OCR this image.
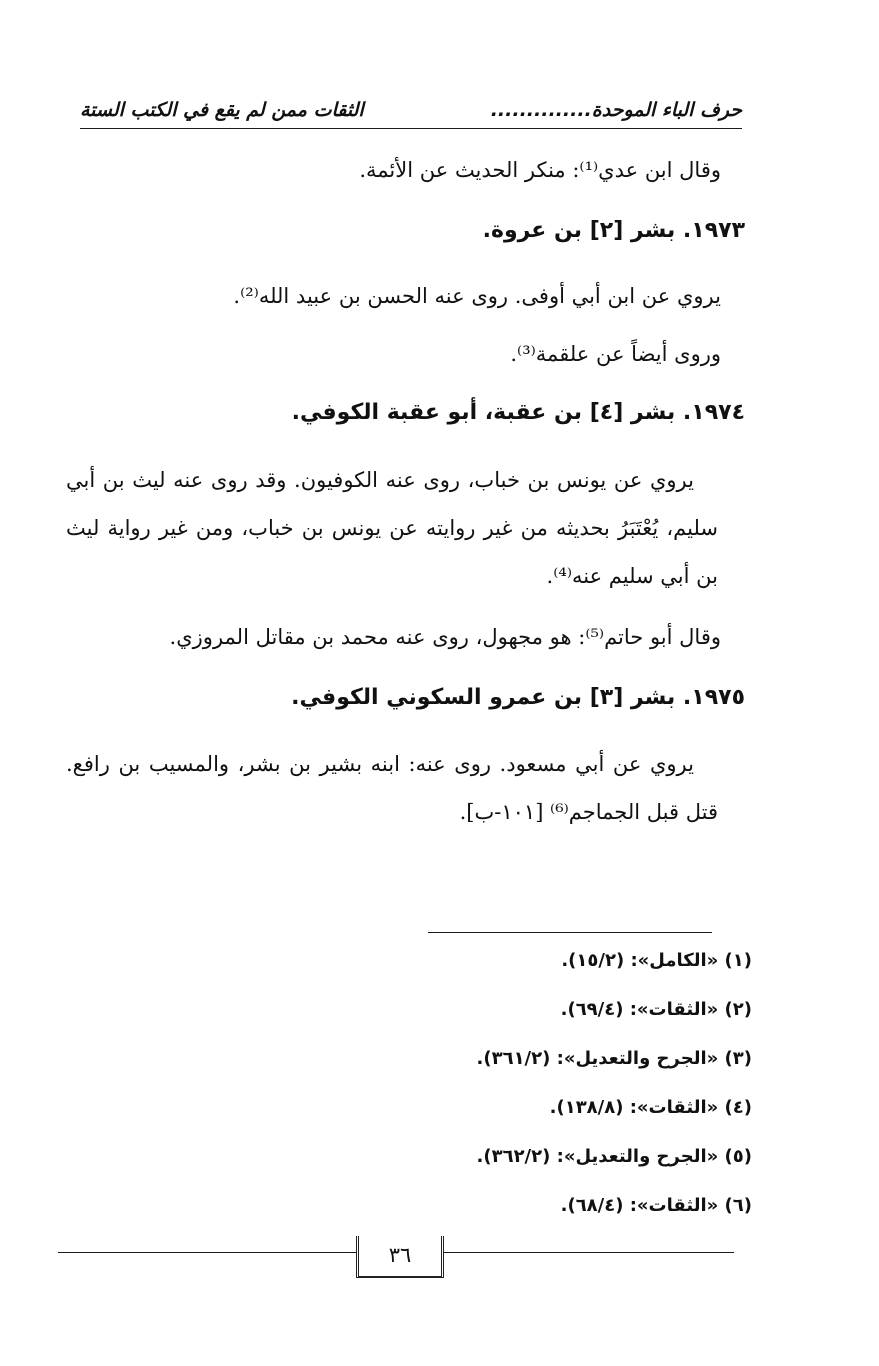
حرف الباء الموحدة..............
الثقات ممن لم يقع في الكتب الستة
وقال ابن عدي⁽¹⁾: منكر الحديث عن الأئمة.
١٩٧٣. بشر [٢] بن عروة.
يروي عن ابن أبي أوفى. روى عنه الحسن بن عبيد الله⁽²⁾.
وروى أيضاً عن علقمة⁽³⁾.
١٩٧٤. بشر [٤] بن عقبة، أبو عقبة الكوفي.
يروي عن يونس بن خباب، روى عنه الكوفيون. وقد روى عنه ليث بن أبي سليم، يُعْتَبَرُ بحديثه من غير روايته عن يونس بن خباب، ومن غير رواية ليث بن أبي سليم عنه⁽⁴⁾.
وقال أبو حاتم⁽⁵⁾: هو مجهول، روى عنه محمد بن مقاتل المروزي.
١٩٧٥. بشر [٣] بن عمرو السكوني الكوفي.
يروي عن أبي مسعود. روى عنه: ابنه بشير بن بشر، والمسيب بن رافع. قتل قبل الجماجم⁽⁶⁾ [١٠١-ب].
(١) «الكامل»: (١٥/٢).
(٢) «الثقات»: (٦٩/٤).
(٣) «الجرح والتعديل»: (٣٦١/٢).
(٤) «الثقات»: (١٣٨/٨).
(٥) «الجرح والتعديل»: (٣٦٢/٢).
(٦) «الثقات»: (٦٨/٤).
٣٦
